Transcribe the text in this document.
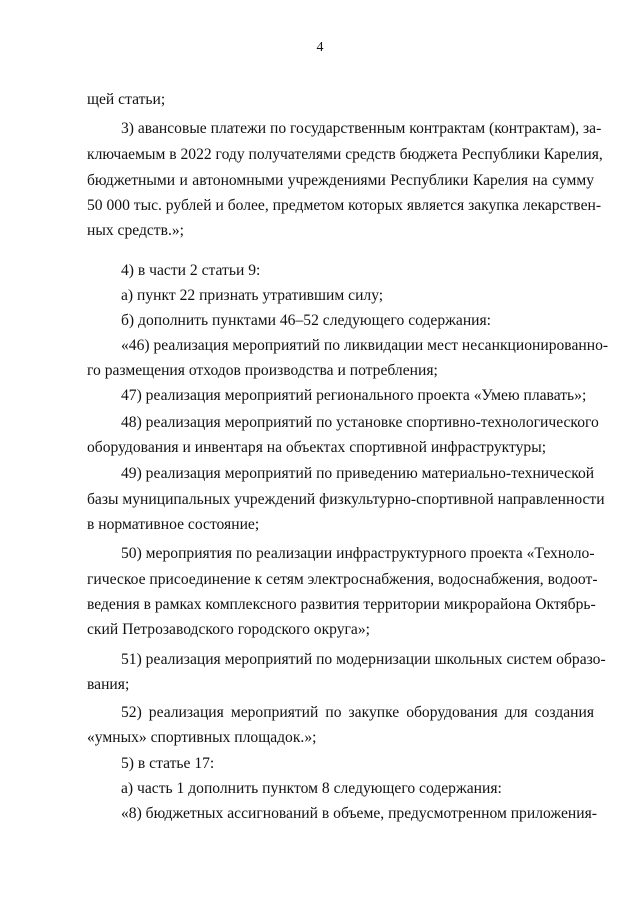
4
щей статьи;
3) авансовые платежи по государственным контрактам (контрактам), за-
ключаемым в 2022 году получателями средств бюджета Республики Карелия,
бюджетными и автономными учреждениями Республики Карелия на сумму
50 000 тыс. рублей и более, предметом которых является закупка лекарствен-
ных средств.»;
4) в части 2 статьи 9:
а) пункт 22 признать утратившим силу;
б) дополнить пунктами 46–52 следующего содержания:
«46) реализация мероприятий по ликвидации мест несанкционированно-
го размещения отходов производства и потребления;
47) реализация мероприятий регионального проекта «Умею плавать»;
48) реализация мероприятий по установке спортивно-технологического
оборудования и инвентаря на объектах спортивной инфраструктуры;
49) реализация мероприятий по приведению материально-технической
базы муниципальных учреждений физкультурно-спортивной направленности
в нормативное состояние;
50) мероприятия по реализации инфраструктурного проекта «Техноло-
гическое присоединение к сетям электроснабжения, водоснабжения, водоот-
ведения в рамках комплексного развития территории микрорайона Октябрь-
ский Петрозаводского городского округа»;
51) реализация мероприятий по модернизации школьных систем образо-
вания;
52) реализация мероприятий по закупке оборудования для создания
«умных» спортивных площадок.»;
5) в статье 17:
а) часть 1 дополнить пунктом 8 следующего содержания:
«8) бюджетных ассигнований в объеме, предусмотренном приложения-
